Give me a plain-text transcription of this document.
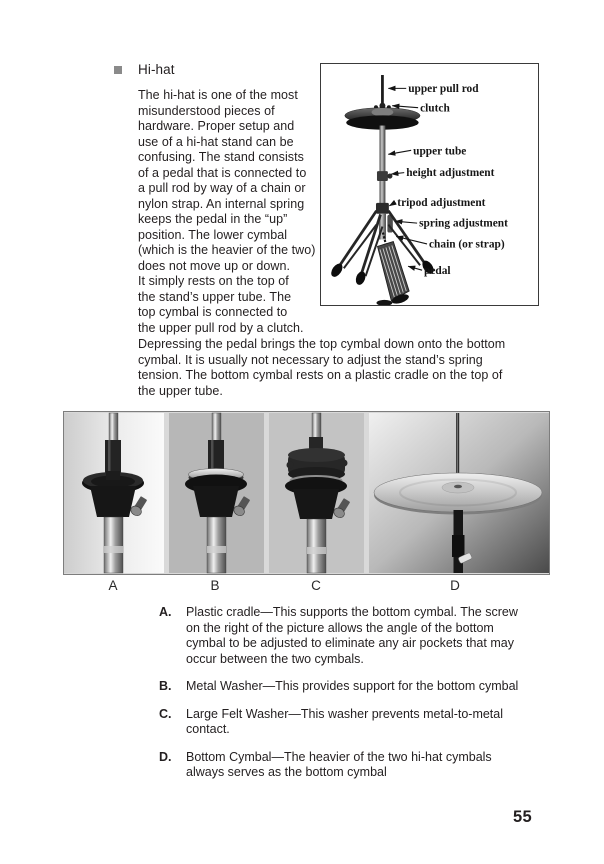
Hi-hat
The hi-hat is one of the most
misunderstood pieces of
hardware. Proper setup and
use of a hi-hat stand can be
confusing. The stand consists
of a pedal that is connected to
a pull rod by way of a chain or
nylon strap. An internal spring
keeps the pedal in the “up”
position. The lower cymbal
(which is the heavier of the two)
does not move up or down.
It simply rests on the top of
the stand’s upper tube. The
top cymbal is connected to
the upper pull rod by a clutch.
Depressing the pedal brings the top cymbal down onto the bottom
cymbal. It is usually not necessary to adjust the stand’s spring
tension. The bottom cymbal rests on a plastic cradle on the top of
the upper tube.
upper pull rod
clutch
upper tube
height adjustment
tripod adjustment
spring adjustment
chain (or strap)
pedal
A	B	C	D
A.	Plastic cradle—This supports the bottom cymbal. The screw
on the right of the picture allows the angle of the bottom
cymbal to be adjusted to eliminate any air pockets that may
occur between the two cymbals.
B.	Metal Washer—This provides support for the bottom cymbal
C.	Large Felt Washer—This washer prevents metal-to-metal
contact.
D.	Bottom Cymbal—The heavier of the two hi-hat cymbals
always serves as the bottom cymbal
55
